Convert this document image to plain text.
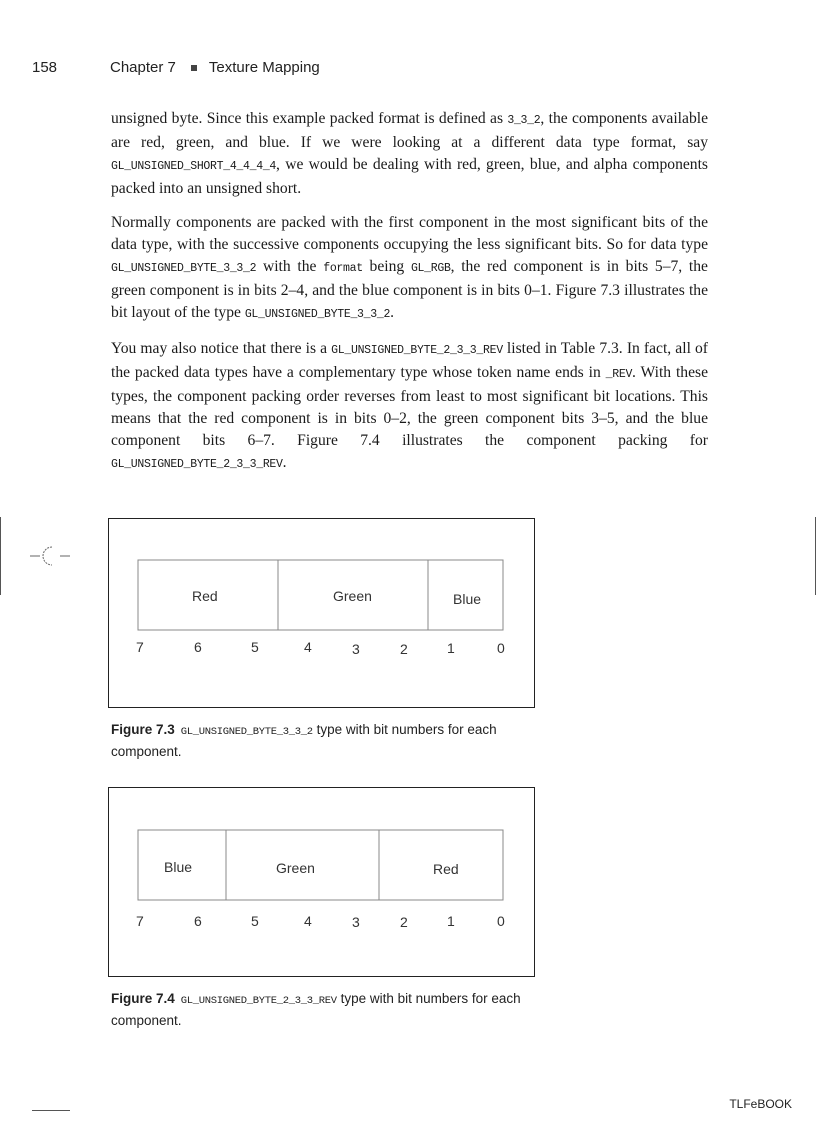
158	Chapter 7 Texture Mapping

unsigned byte. Since this example packed format is defined as 3_3_2, the components available are red, green, and blue. If we were looking at a different data type format, say GL_UNSIGNED_SHORT_4_4_4_4, we would be dealing with red, green, blue, and alpha components packed into an unsigned short.

Normally components are packed with the first component in the most significant bits of the data type, with the successive components occupying the less significant bits. So for data type GL_UNSIGNED_BYTE_3_3_2 with the format being GL_RGB, the red component is in bits 5–7, the green component is in bits 2–4, and the blue component is in bits 0–1. Figure 7.3 illustrates the bit layout of the type GL_UNSIGNED_BYTE_3_3_2.

You may also notice that there is a GL_UNSIGNED_BYTE_2_3_3_REV listed in Table 7.3. In fact, all of the packed data types have a complementary type whose token name ends in _REV. With these types, the component packing order reverses from least to most significant bit locations. This means that the red component is in bits 0–2, the green component bits 3–5, and the blue component bits 6–7. Figure 7.4 illustrates the component packing for GL_UNSIGNED_BYTE_2_3_3_REV.

Red	Green	Blue
7	6	5	4	3	2	1	0
Figure 7.3 GL_UNSIGNED_BYTE_3_3_2 type with bit numbers for each component.
Blue	Green	Red
7	6	5	4	3	2	1	0
Figure 7.4 GL_UNSIGNED_BYTE_2_3_3_REV type with bit numbers for each component.
TLFeBOOK
